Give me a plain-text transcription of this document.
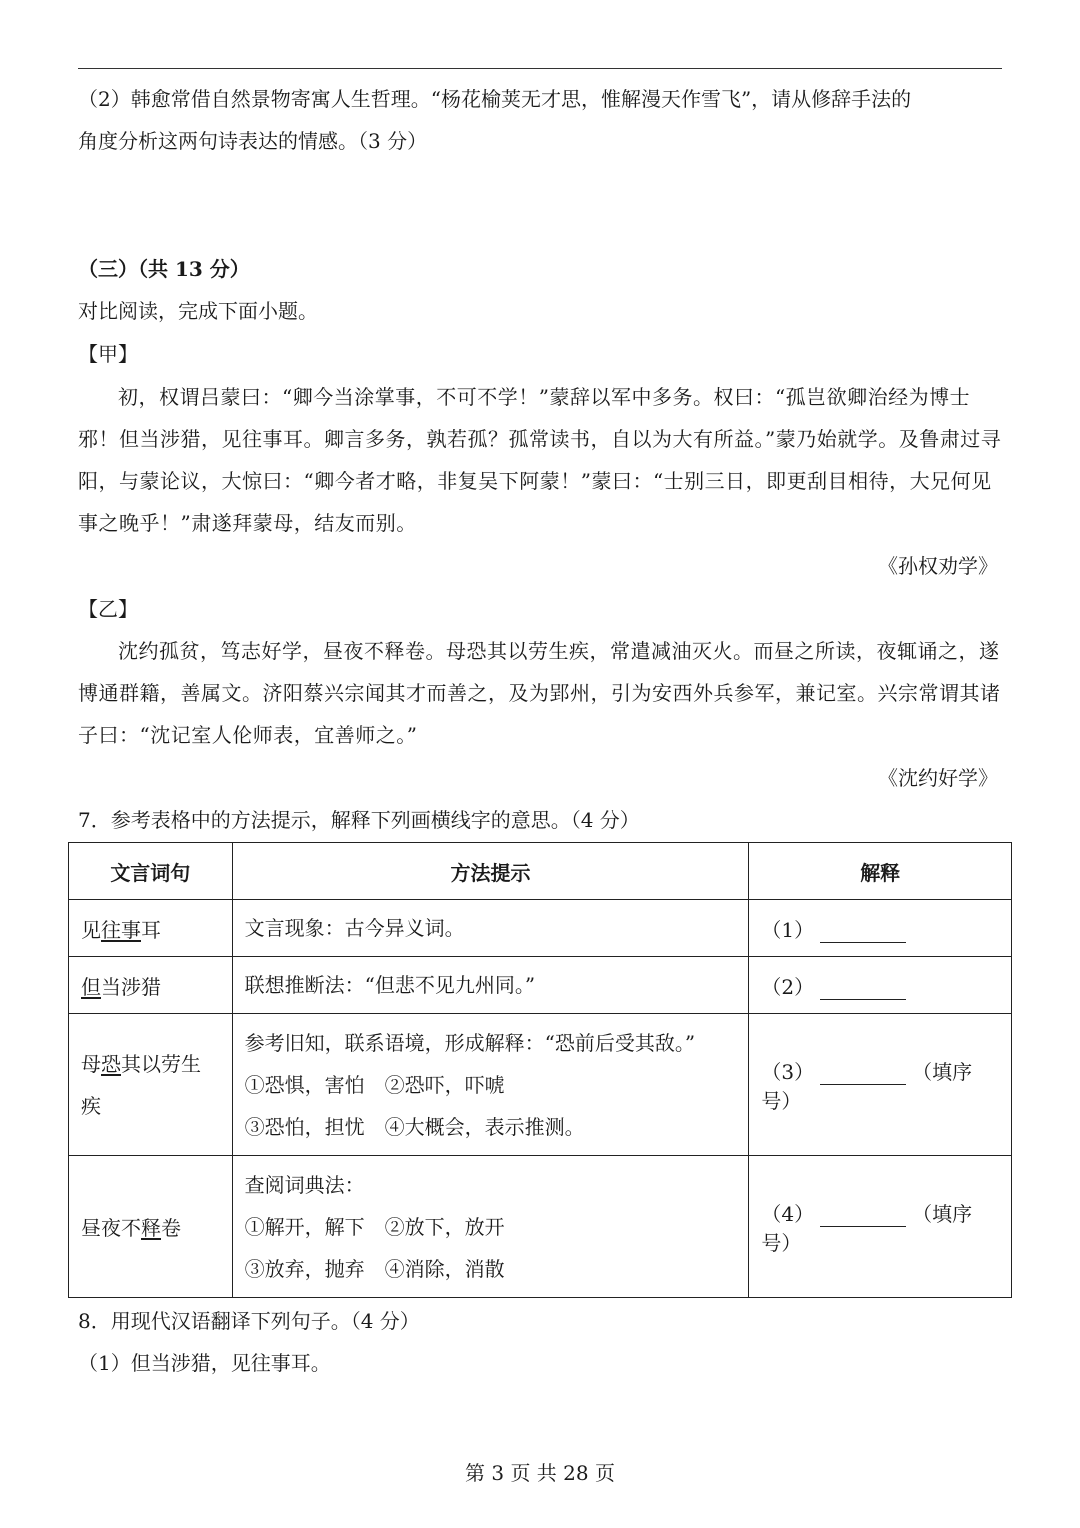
（2）韩愈常借自然景物寄寓人生哲理。“杨花榆荚无才思，惟解漫天作雪飞”，请从修辞手法的
角度分析这两句诗表达的情感。（3 分）
（三）（共 13 分）
对比阅读，完成下面小题。
【甲】
初，权谓吕蒙曰：“卿今当涂掌事，不可不学！”蒙辞以军中多务。权曰：“孤岂欲卿治经为博士邪！但当涉猎，见往事耳。卿言多务，孰若孤？孤常读书，自以为大有所益。”蒙乃始就学。及鲁肃过寻阳，与蒙论议，大惊曰：“卿今者才略，非复吴下阿蒙！”蒙曰：“士别三日，即更刮目相待，大兄何见事之晚乎！”肃遂拜蒙母，结友而别。
《孙权劝学》
【乙】
沈约孤贫，笃志好学，昼夜不释卷。母恐其以劳生疾，常遣减油灭火。而昼之所读，夜辄诵之，遂博通群籍，善属文。济阳蔡兴宗闻其才而善之，及为郢州，引为安西外兵参军，兼记室。兴宗常谓其诸子曰：“沈记室人伦师表，宜善师之。”
《沈约好学》
7．参考表格中的方法提示，解释下列画横线字的意思。（4 分）
文言词句	方法提示	解释
见往事耳	文言现象：古今异义词。	（1）
但当涉猎	联想推断法：“但悲不见九州同。”	（2）
母恐其以劳生疾	参考旧知，联系语境，形成解释：“恐前后受其敌。”
①恐惧，害怕　②恐吓，吓唬
③恐怕，担忧　④大概会，表示推测。	（3） （填序号）
昼夜不释卷	查阅词典法：
①解开，解下　②放下，放开
③放弃，抛弃　④消除，消散	（4） （填序号）
8．用现代汉语翻译下列句子。（4 分）
（1）但当涉猎，见往事耳。
第 3 页 共 28 页
